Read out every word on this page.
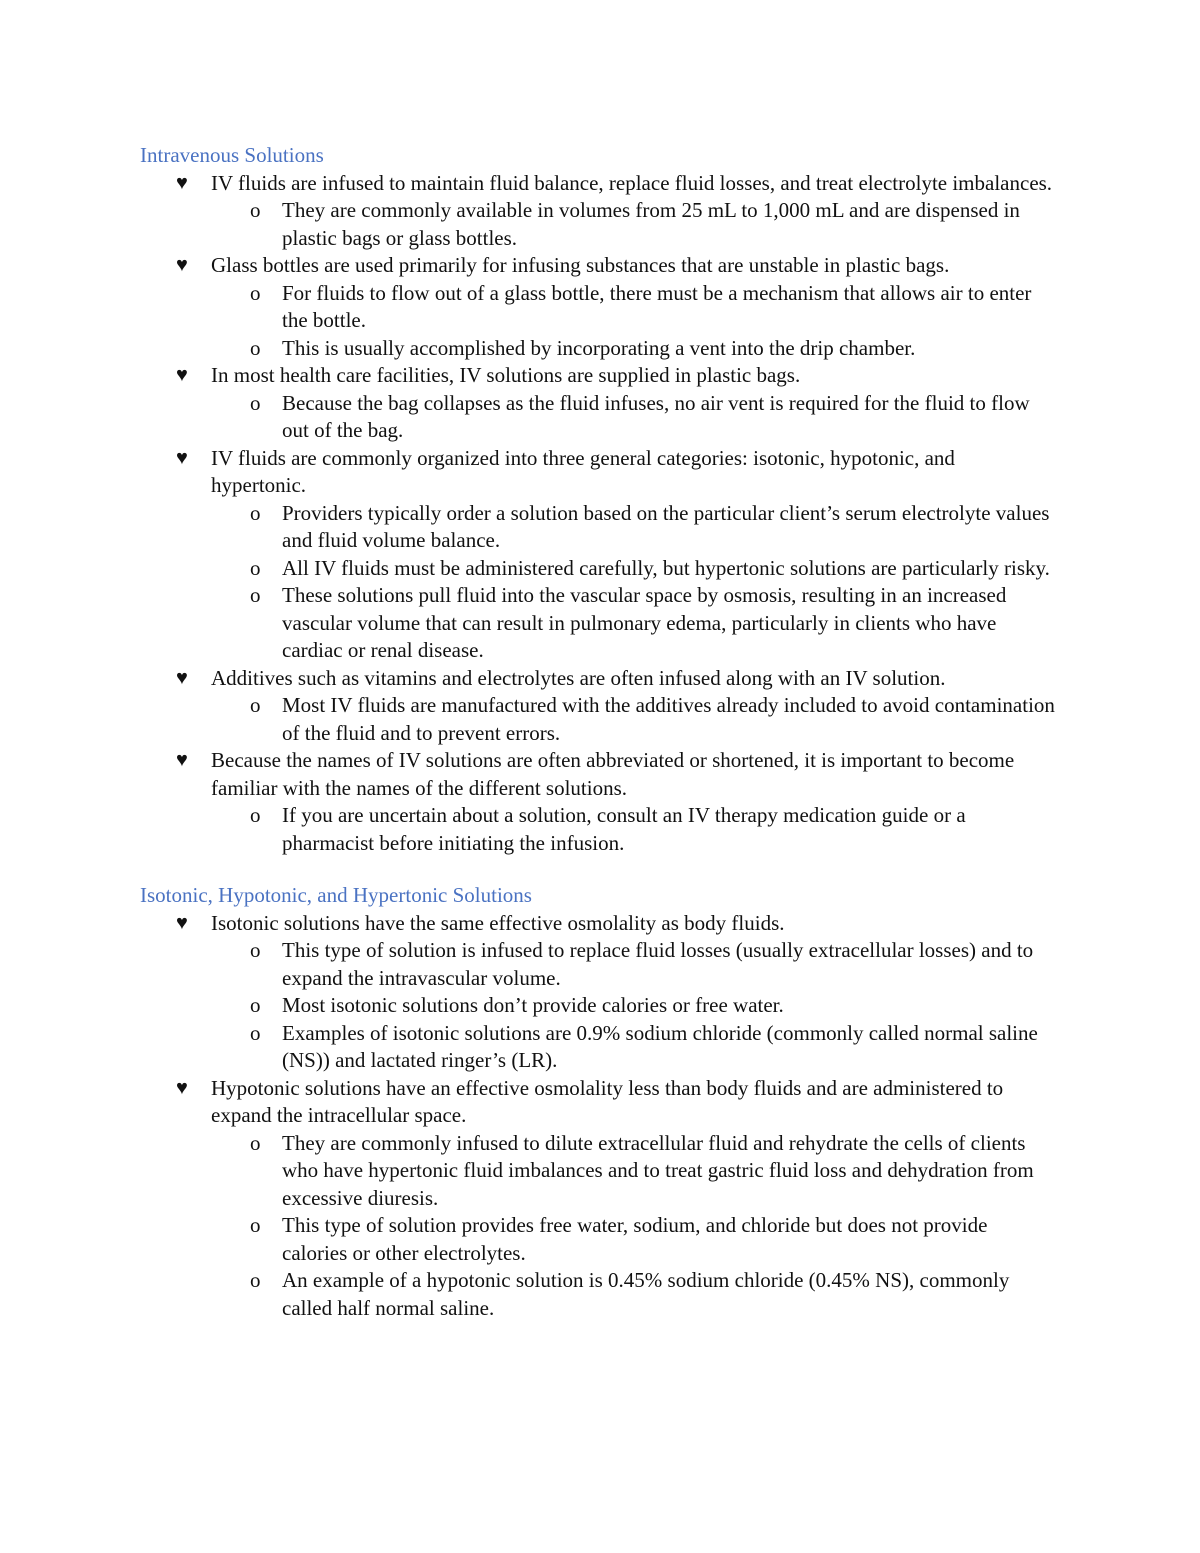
Intravenous Solutions

♥ IV fluids are infused to maintain fluid balance, replace fluid losses, and treat electrolyte imbalances.
o They are commonly available in volumes from 25 mL to 1,000 mL and are dispensed in plastic bags or glass bottles.
♥ Glass bottles are used primarily for infusing substances that are unstable in plastic bags.
o For fluids to flow out of a glass bottle, there must be a mechanism that allows air to enter the bottle.
o This is usually accomplished by incorporating a vent into the drip chamber.
♥ In most health care facilities, IV solutions are supplied in plastic bags.
o Because the bag collapses as the fluid infuses, no air vent is required for the fluid to flow out of the bag.
♥ IV fluids are commonly organized into three general categories: isotonic, hypotonic, and hypertonic.
o Providers typically order a solution based on the particular client’s serum electrolyte values and fluid volume balance.
o All IV fluids must be administered carefully, but hypertonic solutions are particularly risky.
o These solutions pull fluid into the vascular space by osmosis, resulting in an increased vascular volume that can result in pulmonary edema, particularly in clients who have cardiac or renal disease.
♥ Additives such as vitamins and electrolytes are often infused along with an IV solution.
o Most IV fluids are manufactured with the additives already included to avoid contamination of the fluid and to prevent errors.
♥ Because the names of IV solutions are often abbreviated or shortened, it is important to become familiar with the names of the different solutions.
o If you are uncertain about a solution, consult an IV therapy medication guide or a pharmacist before initiating the infusion.

Isotonic, Hypotonic, and Hypertonic Solutions

♥ Isotonic solutions have the same effective osmolality as body fluids.
o This type of solution is infused to replace fluid losses (usually extracellular losses) and to expand the intravascular volume.
o Most isotonic solutions don’t provide calories or free water.
o Examples of isotonic solutions are 0.9% sodium chloride (commonly called normal saline (NS)) and lactated ringer’s (LR).
♥ Hypotonic solutions have an effective osmolality less than body fluids and are administered to expand the intracellular space.
o They are commonly infused to dilute extracellular fluid and rehydrate the cells of clients who have hypertonic fluid imbalances and to treat gastric fluid loss and dehydration from excessive diuresis.
o This type of solution provides free water, sodium, and chloride but does not provide calories or other electrolytes.
o An example of a hypotonic solution is 0.45% sodium chloride (0.45% NS), commonly called half normal saline.
